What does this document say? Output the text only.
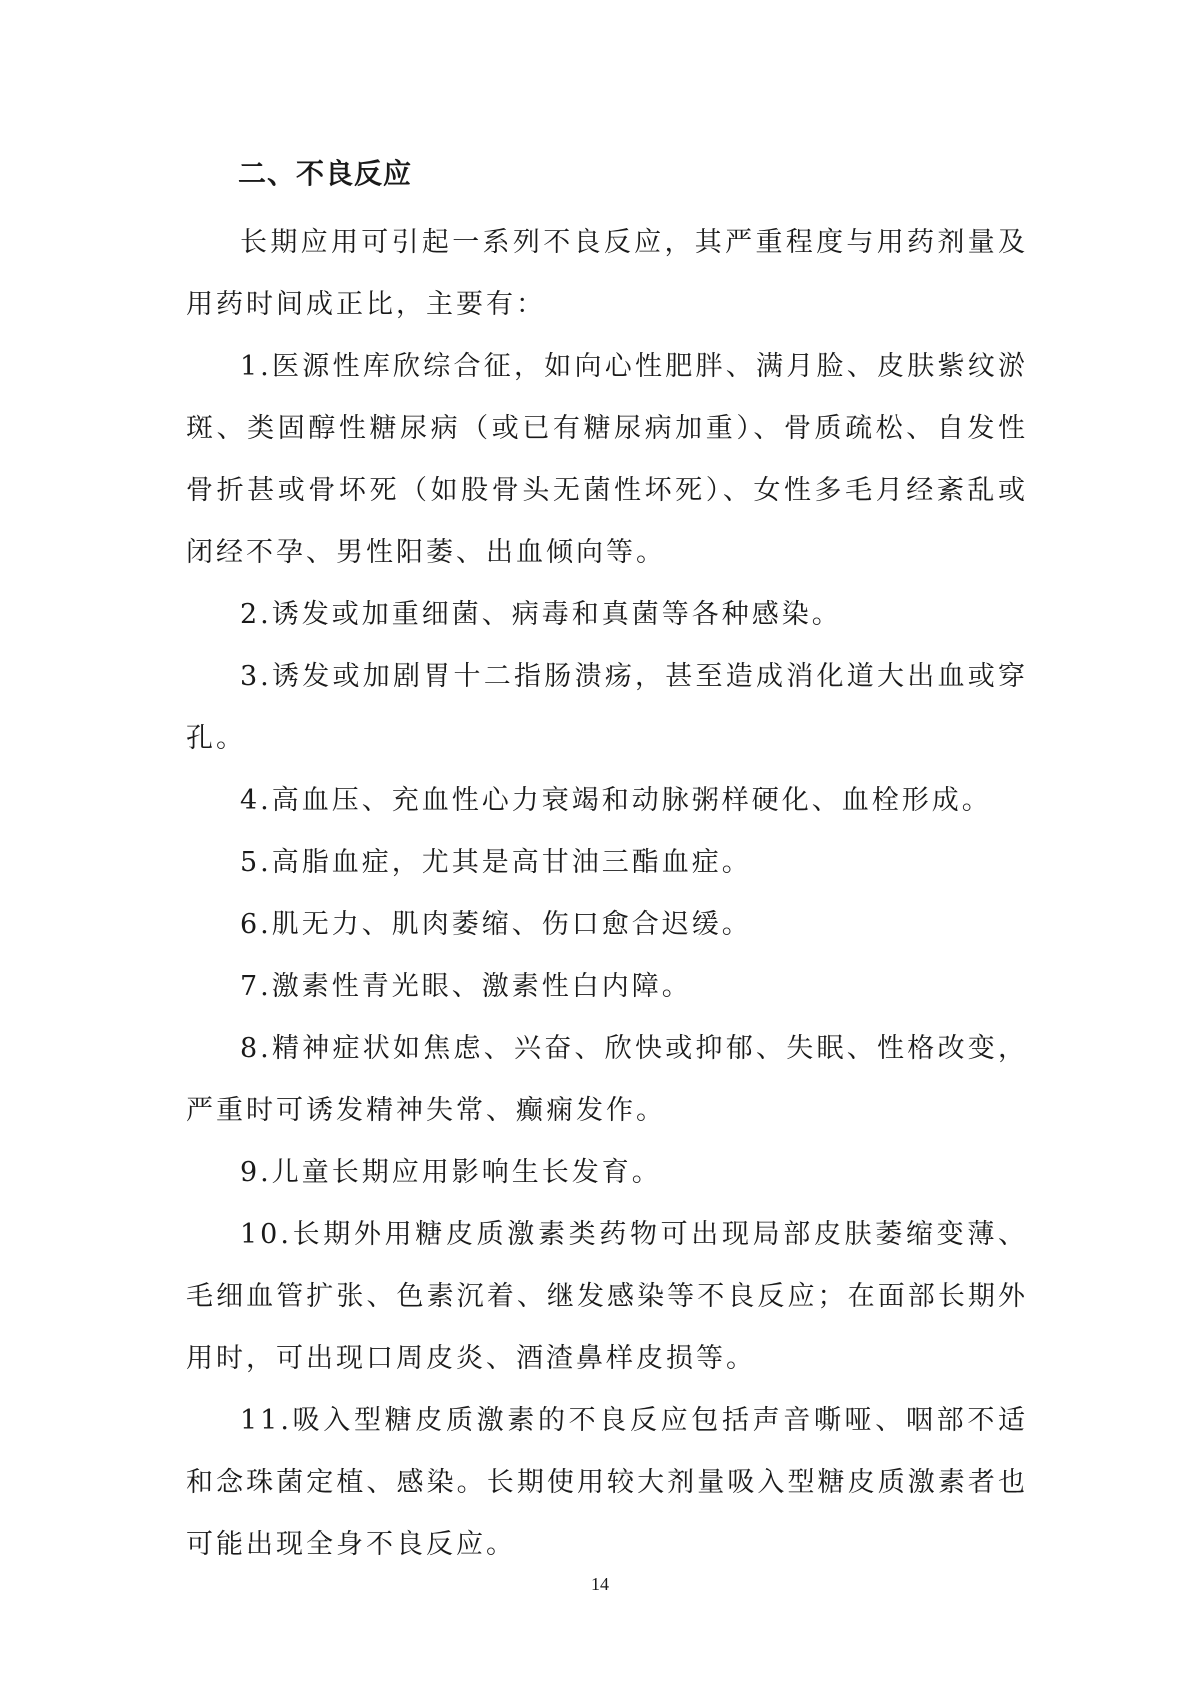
二、不良反应

长期应用可引起一系列不良反应，其严重程度与用药剂量及用药时间成正比，主要有：

1.医源性库欣综合征，如向心性肥胖、满月脸、皮肤紫纹淤斑、类固醇性糖尿病（或已有糖尿病加重）、骨质疏松、自发性骨折甚或骨坏死（如股骨头无菌性坏死）、女性多毛月经紊乱或闭经不孕、男性阳萎、出血倾向等。

2.诱发或加重细菌、病毒和真菌等各种感染。

3.诱发或加剧胃十二指肠溃疡，甚至造成消化道大出血或穿孔。

4.高血压、充血性心力衰竭和动脉粥样硬化、血栓形成。

5.高脂血症，尤其是高甘油三酯血症。

6.肌无力、肌肉萎缩、伤口愈合迟缓。

7.激素性青光眼、激素性白内障。

8.精神症状如焦虑、兴奋、欣快或抑郁、失眠、性格改变，严重时可诱发精神失常、癫痫发作。

9.儿童长期应用影响生长发育。

10.长期外用糖皮质激素类药物可出现局部皮肤萎缩变薄、毛细血管扩张、色素沉着、继发感染等不良反应；在面部长期外用时，可出现口周皮炎、酒渣鼻样皮损等。

11.吸入型糖皮质激素的不良反应包括声音嘶哑、咽部不适和念珠菌定植、感染。长期使用较大剂量吸入型糖皮质激素者也可能出现全身不良反应。

14
